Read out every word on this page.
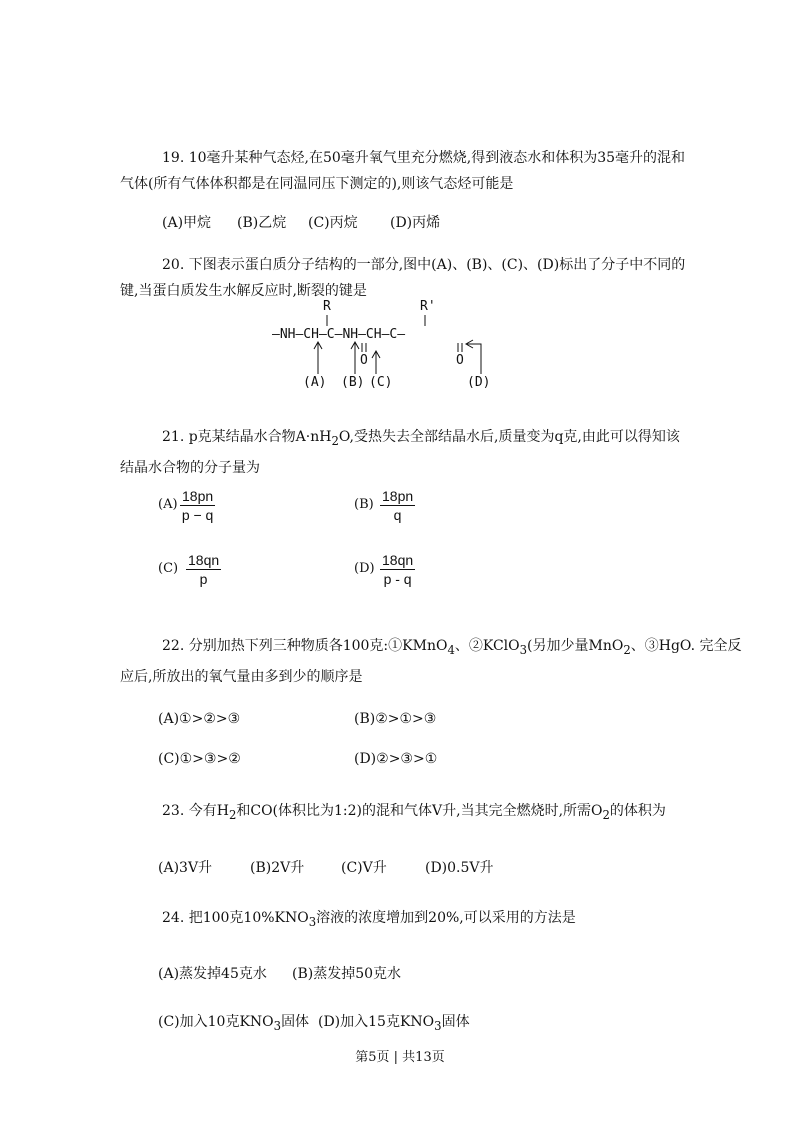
19. 10毫升某种气态烃,在50毫升氧气里充分燃烧,得到液态水和体积为35毫升的混和
气体(所有气体体积都是在同温同压下测定的),则该气态烃可能是
(A)甲烷 (B)乙烷 (C)丙烷 (D)丙烯
20. 下图表示蛋白质分子结构的一部分,图中(A)、(B)、(C)、(D)标出了分子中不同的
键,当蛋白质发生水解反应时,断裂的键是
R	R'
—NH—CH—C—NH—CH—C—
O	O
(A) (B) (C)	(D)
21. p克某结晶水合物$A\cdot nH_2O$,受热失去全部结晶水后,质量变为q克,由此可以得知该
结晶水合物的分子量为
$(A) \frac{18pn}{p - q}$	$(B) \frac{18pn}{q}$
$(C) \frac{18qn}{p}$	$(D) \frac{18qn}{p - q}$
22. 分别加热下列三种物质各100克:①KMnO$_4$、②KClO$_3$(另加少量MnO$_2$、③HgO. 完全反
应后,所放出的氧气量由多到少的顺序是
(A)①>②>③	(B)②>①>③
(C)①>③>②	(D)②>③>①
23. 今有$H_2$和CO(体积比为1:2)的混和气体V升,当其完全燃烧时,所需$O_2$的体积为
(A)3V升	(B)2V升	(C)V升	(D)0.5V升
24. 把100克$10\%KNO_3$溶液的浓度增加到20%,可以采用的方法是
(A)蒸发掉45克水 (B)蒸发掉50克水
(C)加入10克$KNO_3$固体 (D)加入15克$KNO_3$固体
第5页 | 共13页
